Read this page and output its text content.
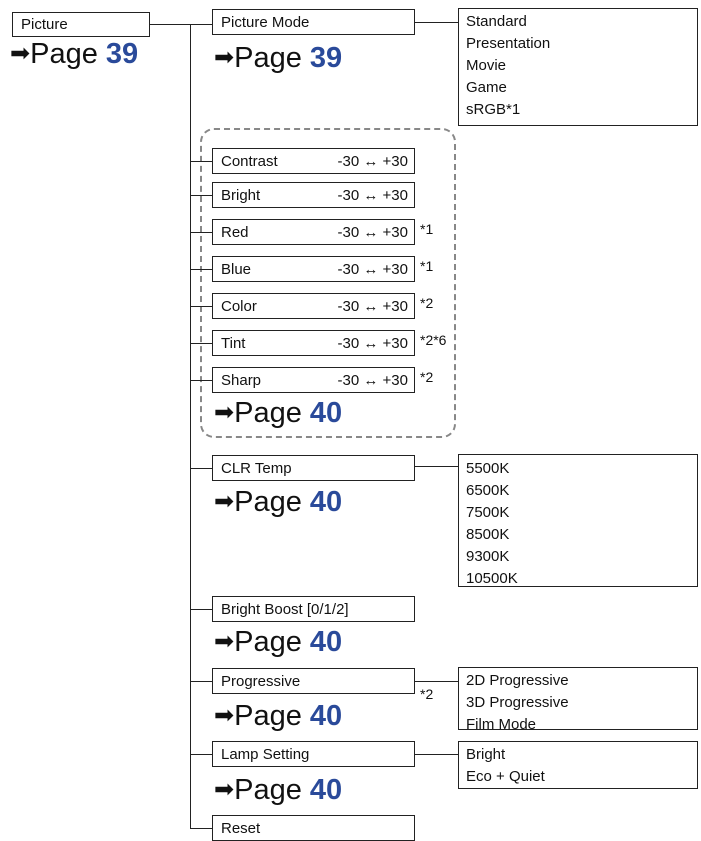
Picture
➡Page 39
Picture Mode	Standard
Presentation
Movie
Game
sRGB*1
➡Page 39
Contrast	-30 ↔ +30
Bright	-30 ↔ +30
Red	-30 ↔ +30 *1
Blue	-30 ↔ +30 *1
Color	-30 ↔ +30 *2
Tint	-30 ↔ +30 *2*6
Sharp	-30 ↔ +30 *2
➡Page 40
CLR Temp	5500K
6500K
7500K
8500K
9300K
10500K
➡Page 40
Bright Boost [0/1/2]
➡Page 40
Progressive
*2
2D Progressive
3D Progressive
Film Mode
➡Page 40
Lamp Setting	Bright
Eco + Quiet
➡Page 40
Reset
